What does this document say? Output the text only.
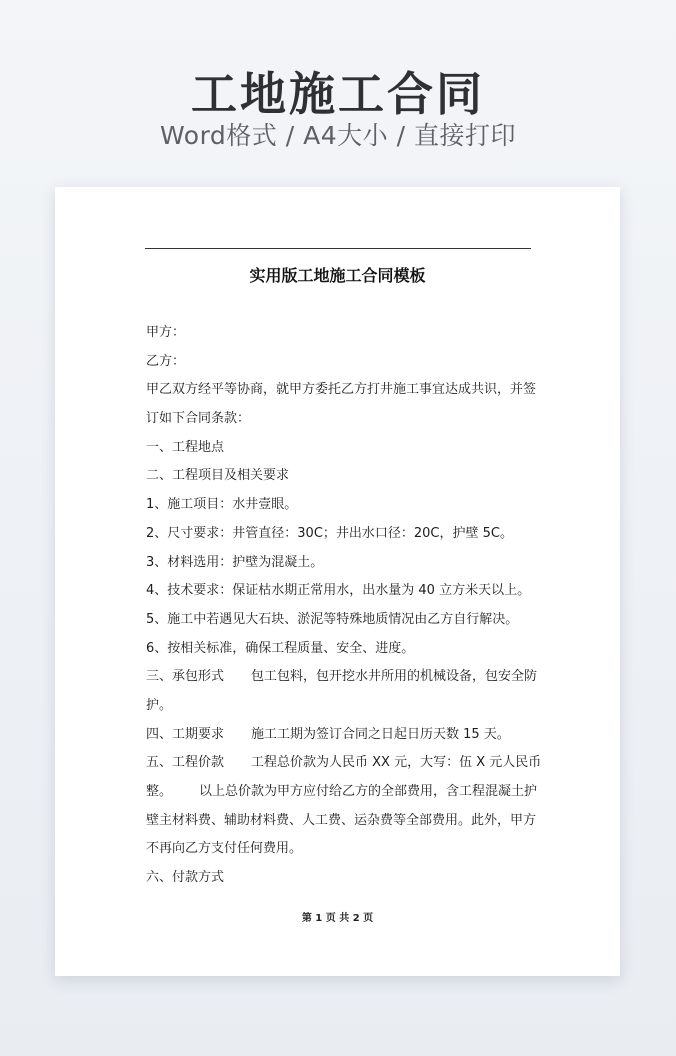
工地施工合同
Word格式 / A4大小 / 直接打印
实用版工地施工合同模板
甲方：
乙方：
甲乙双方经平等协商，就甲方委托乙方打井施工事宜达成共识，并签
订如下合同条款：
一、工程地点
二、工程项目及相关要求
1、施工项目：水井壹眼。
2、尺寸要求：井管直径：30C；井出水口径：20C，护壁 5C。
3、材料选用：护壁为混凝土。
4、技术要求：保证枯水期正常用水，出水量为 40 立方米天以上。
5、施工中若遇见大石块、淤泥等特殊地质情况由乙方自行解决。
6、按相关标准，确保工程质量、安全、进度。
三、承包形式 包工包料，包开挖水井所用的机械设备，包安全防
护。
四、工期要求 施工工期为签订合同之日起日历天数 15 天。
五、工程价款 工程总价款为人民币 XX 元，大写：伍 X 元人民币
整。 以上总价款为甲方应付给乙方的全部费用，含工程混凝土护
壁主材料费、辅助材料费、人工费、运杂费等全部费用。此外，甲方
不再向乙方支付任何费用。
六、付款方式
第 1 页 共 2 页
